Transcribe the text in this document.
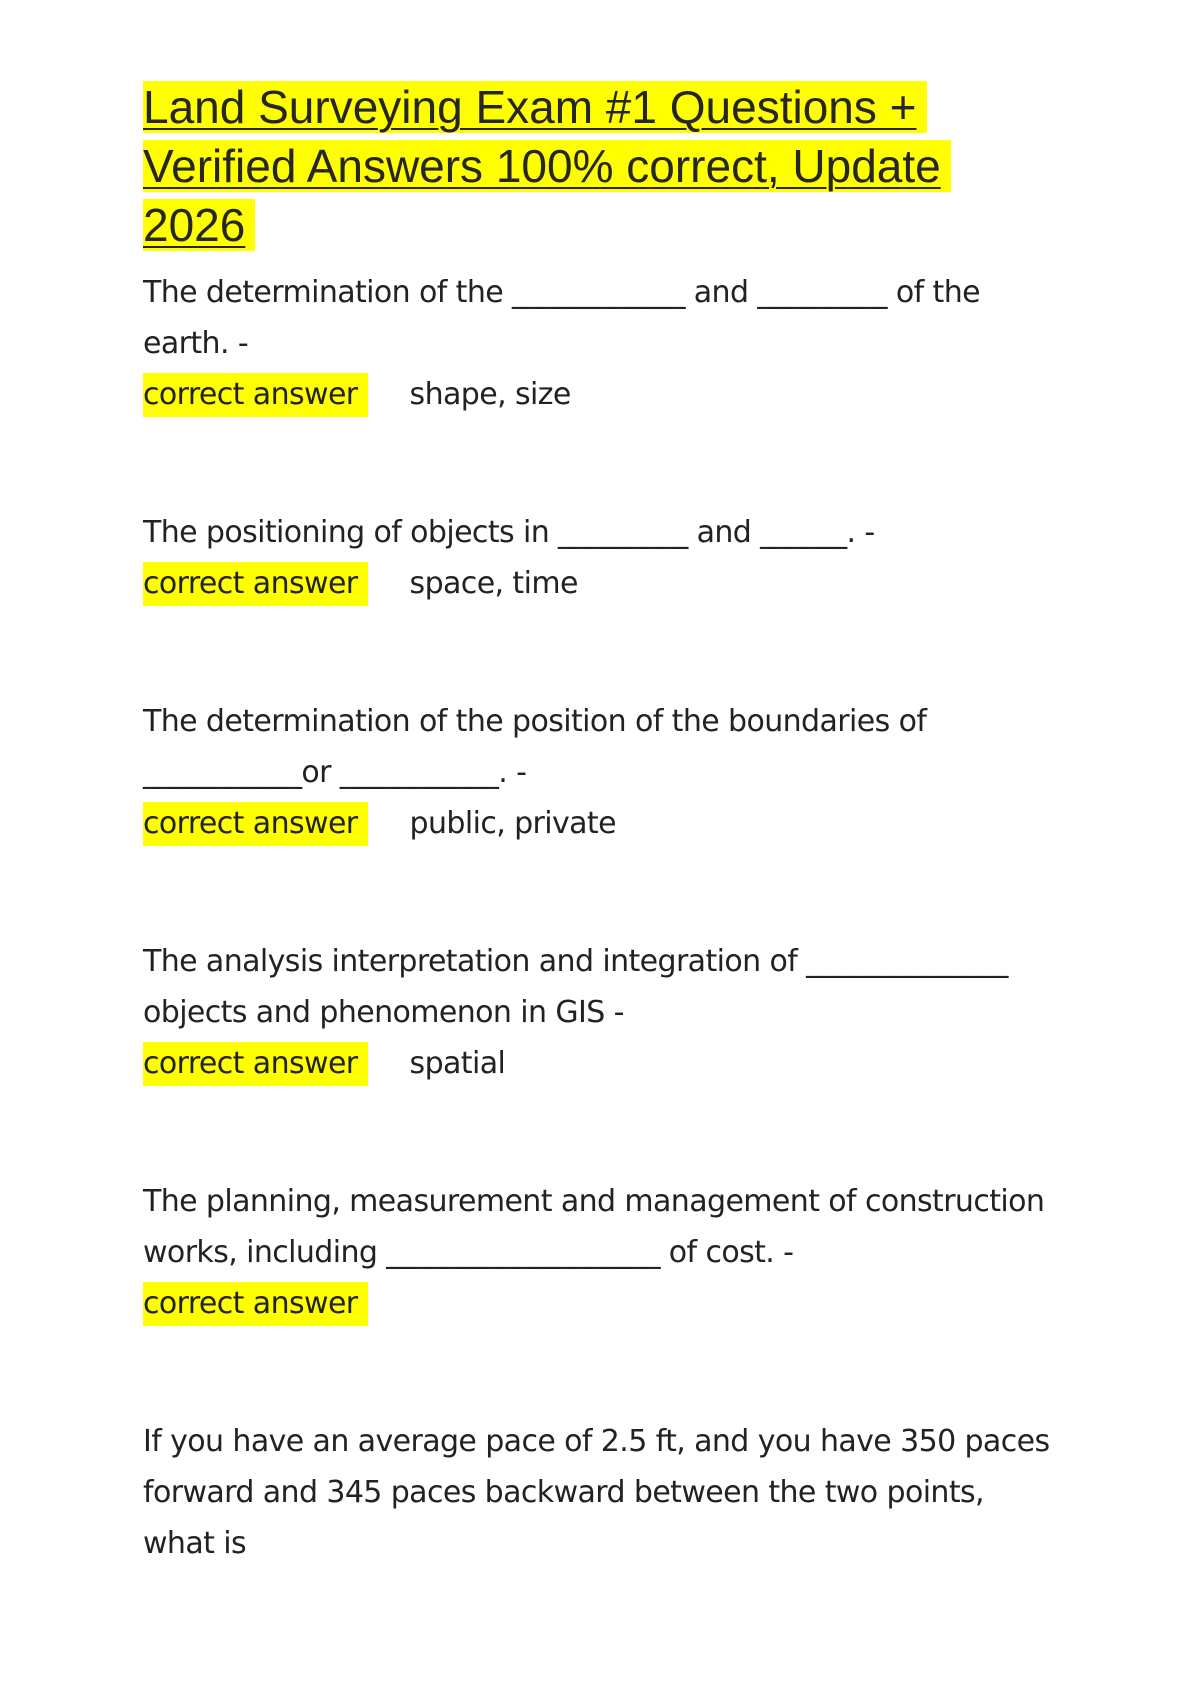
Land Surveying Exam #1 Questions + Verified Answers 100% correct, Update 2026

The determination of the ____________ and _________ of the earth. -

correct answer	shape, size

The positioning of objects in _________ and ______. -

correct answer	space, time

The determination of the position of the boundaries of ___________or ___________. -

correct answer	public, private

The analysis interpretation and integration of ______________ objects and phenomenon in GIS -

correct answer	spatial

The planning, measurement and management of construction works, including ___________________ of cost. -

correct answer

If you have an average pace of 2.5 ft, and you have 350 paces forward and 345 paces backward between the two points, what is
